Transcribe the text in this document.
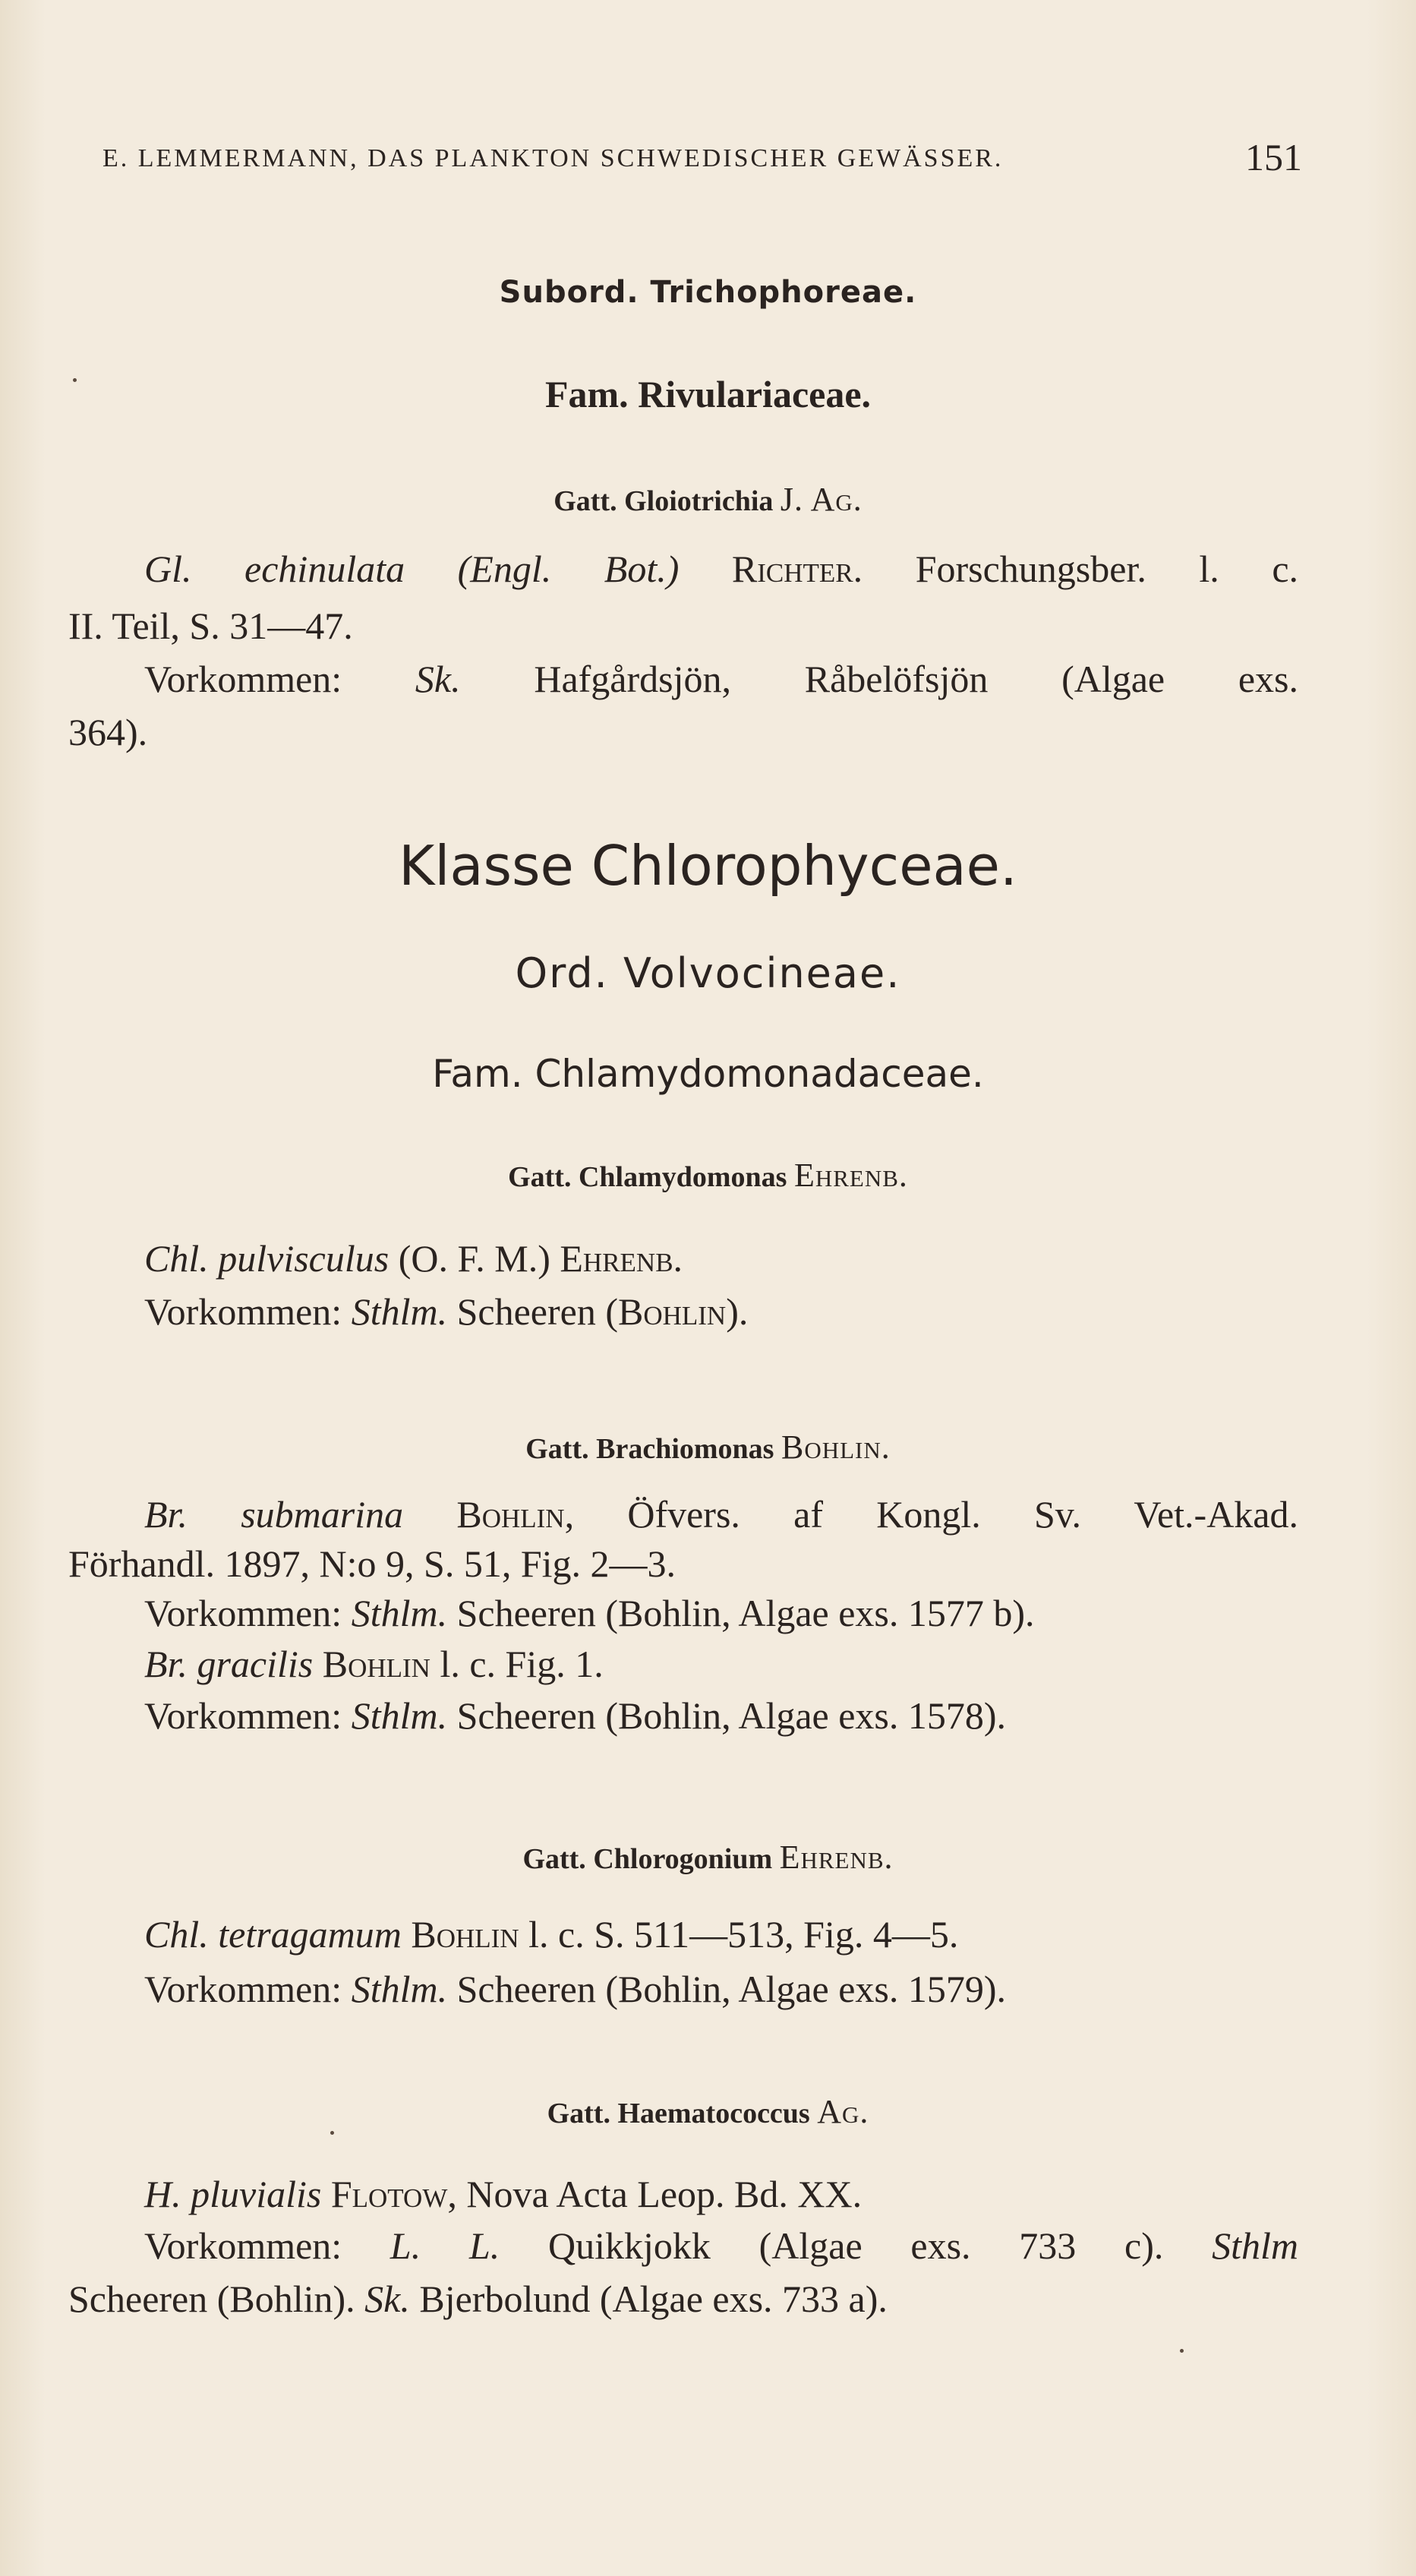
E. LEMMERMANN, DAS PLANKTON SCHWEDISCHER GEWÄSSER.	151
Subord. Trichophoreae.
Fam. Rivulariaceae.
Gatt. Gloiotrichia J. Ag.
Gl. echinulata (Engl. Bot.) Richter. Forschungsber. l. c.
II. Teil, S. 31—47.
Vorkommen: Sk. Hafgårdsjön, Råbelöfsjön (Algae exs.
364).
Klasse Chlorophyceae.
Ord. Volvocineae.
Fam. Chlamydomonadaceae.
Gatt. Chlamydomonas Ehrenb.
Chl. pulvisculus (O. F. M.) Ehrenb.
Vorkommen: Sthlm. Scheeren (Bohlin).
Gatt. Brachiomonas Bohlin.
Br. submarina Bohlin, Öfvers. af Kongl. Sv. Vet.-Akad.
Förhandl. 1897, N:o 9, S. 51, Fig. 2—3.
Vorkommen: Sthlm. Scheeren (Bohlin, Algae exs. 1577 b).
Br. gracilis Bohlin l. c. Fig. 1.
Vorkommen: Sthlm. Scheeren (Bohlin, Algae exs. 1578).
Gatt. Chlorogonium Ehrenb.
Chl. tetragamum Bohlin l. c. S. 511—513, Fig. 4—5.
Vorkommen: Sthlm. Scheeren (Bohlin, Algae exs. 1579).
Gatt. Haematococcus Ag.
H. pluvialis Flotow, Nova Acta Leop. Bd. XX.
Vorkommen: L. L. Quikkjokk (Algae exs. 733 c). Sthlm
Scheeren (Bohlin). Sk. Bjerbolund (Algae exs. 733 a).
